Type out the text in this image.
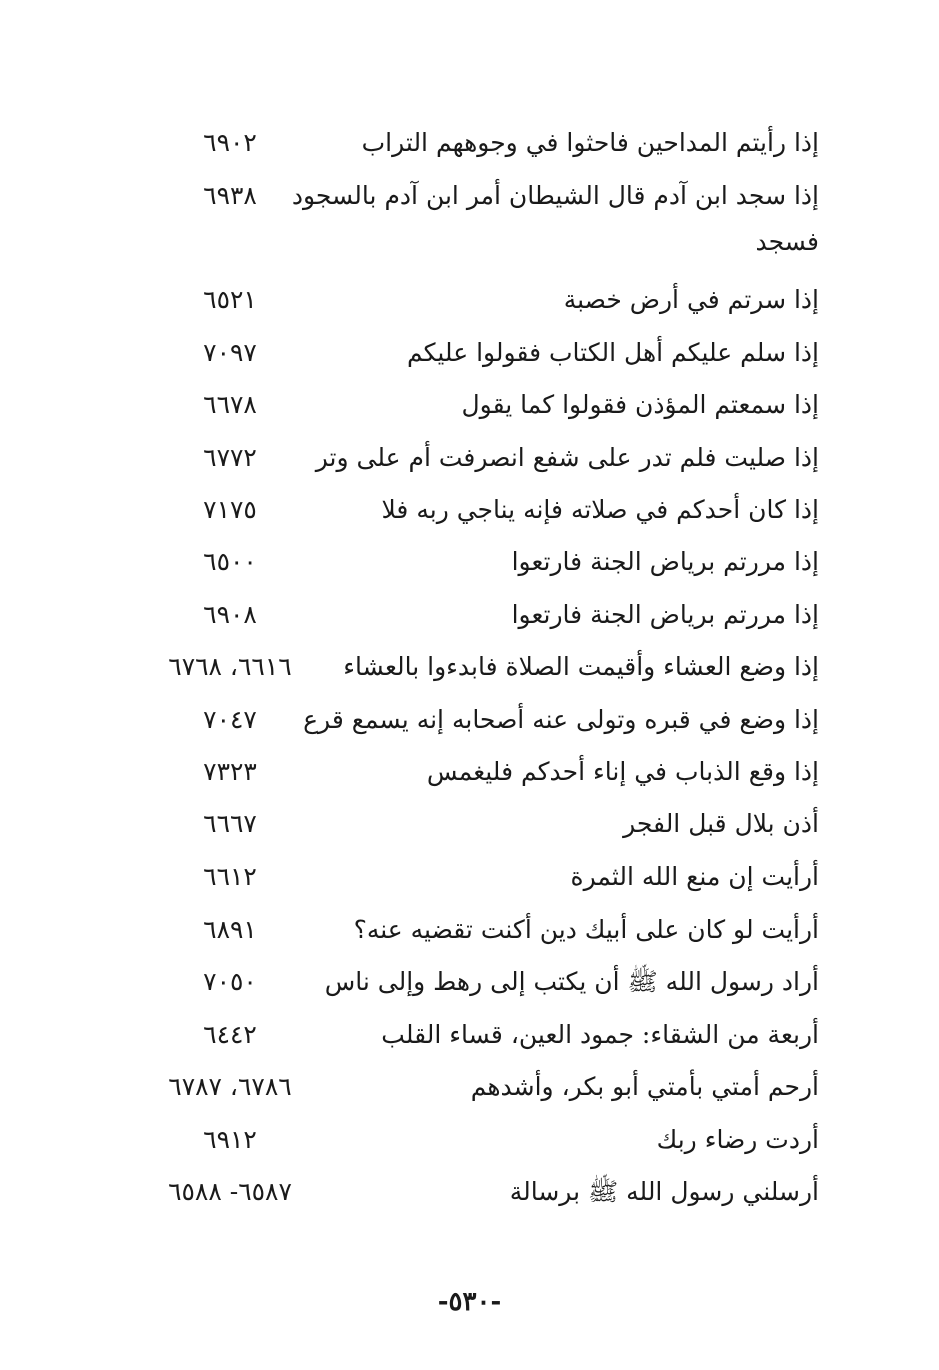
إذا رأيتم المداحين فاحثوا في وجوههم التراب
٦٩٠٢
إذا سجد ابن آدم قال الشيطان أمر ابن آدم بالسجود
٦٩٣٨
فسجد
إذا سرتم في أرض خصبة
٦٥٢١
إذا سلم عليكم أهل الكتاب فقولوا عليكم
٧٠٩٧
إذا سمعتم المؤذن فقولوا كما يقول
٦٦٧٨
إذا صليت فلم تدر على شفع انصرفت أم على وتر
٦٧٧٢
إذا كان أحدكم في صلاته فإنه يناجي ربه فلا
٧١٧٥
إذا مررتم برياض الجنة فارتعوا
٦٥٠٠
إذا مررتم برياض الجنة فارتعوا
٦٩٠٨
إذا وضع العشاء وأقيمت الصلاة فابدءوا بالعشاء
٦٦١٦، ٦٧٦٨
إذا وضع في قبره وتولى عنه أصحابه إنه يسمع قرع
٧٠٤٧
إذا وقع الذباب في إناء أحدكم فليغمس
٧٣٢٣
أذن بلال قبل الفجر
٦٦٦٧
أرأيت إن منع الله الثمرة
٦٦١٢
أرأيت لو كان على أبيك دين أكنت تقضيه عنه؟
٦٨٩١
أراد رسول الله ﷺ أن يكتب إلى رهط وإلى ناس
٧٠٥٠
أربعة من الشقاء: جمود العين، قساء القلب
٦٤٤٢
أرحم أمتي بأمتي أبو بكر، وأشدهم
٦٧٨٦، ٦٧٨٧
أردت رضاء ربك
٦٩١٢
أرسلني رسول الله ﷺ برسالة
٦٥٨٧- ٦٥٨٨
-٥٣٠-
